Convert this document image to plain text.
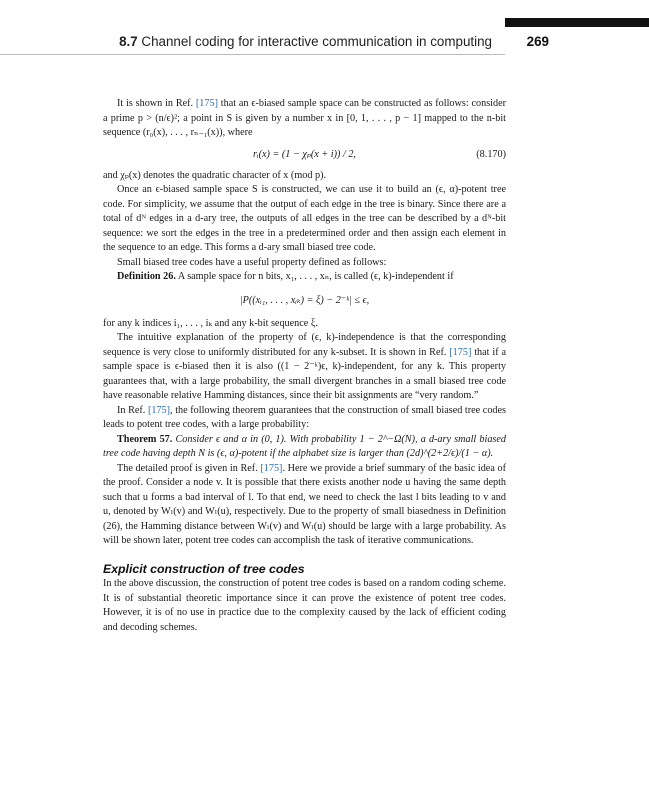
8.7 Channel coding for interactive communication in computing	269

It is shown in Ref. [175] that an ϵ-biased sample space can be constructed as follows: consider a prime p > (n/ϵ)²; a point in S is given by a number x in [0, 1, . . . , p − 1] mapped to the n-bit sequence (r₀(x), . . . , rₙ₋₁(x)), where

rᵢ(x) = (1 − χₚ(x + i)) / 2,	(8.170)

and χₚ(x) denotes the quadratic character of x (mod p).

Once an ϵ-biased sample space S is constructed, we can use it to build an (ϵ, α)-potent tree code. For simplicity, we assume that the output of each edge in the tree is binary. Since there are a total of dᴺ edges in a d-ary tree, the outputs of all edges in the tree can be described by a dᴺ-bit sequence: we sort the edges in the tree in a predetermined order and then assign each element in the sequence to an edge. This forms a d-ary small biased tree code.

Small biased tree codes have a useful property defined as follows:

Definition 26. A sample space for n bits, x₁, . . . , xₙ, is called (ϵ, k)-independent if

|P((xᵢ₁, . . . , xᵢₖ) = ξ) − 2⁻ᵏ| ≤ ϵ,

for any k indices i₁, . . . , iₖ and any k-bit sequence ξ.

The intuitive explanation of the property of (ϵ, k)-independence is that the corresponding sequence is very close to uniformly distributed for any k-subset. It is shown in Ref. [175] that if a sample space is ϵ-biased then it is also ((1 − 2⁻ᵏ)ϵ, k)-independent, for any k. This property guarantees that, with a large probability, the small divergent branches in a small biased tree code have reasonable relative Hamming distances, since their bit assignments are “very random.”

In Ref. [175], the following theorem guarantees that the construction of small biased tree codes leads to potent tree codes, with a large probability:

Theorem 57. Consider ϵ and α in (0, 1). With probability 1 − 2^−Ω(N), a d-ary small biased tree code having depth N is (ϵ, α)-potent if the alphabet size is larger than (2d)^(2+2/ϵ)/(1 − α).

The detailed proof is given in Ref. [175]. Here we provide a brief summary of the basic idea of the proof. Consider a node v. It is possible that there exists another node u having the same depth such that u forms a bad interval of l. To that end, we need to check the last l bits leading to v and u, denoted by Wₗ(v) and Wₗ(u), respectively. Due to the property of small biasedness in Definition (26), the Hamming distance between Wₗ(v) and Wₗ(u) should be large with a large probability. As will be shown later, potent tree codes can accomplish the task of iterative communications.

Explicit construction of tree codes

In the above discussion, the construction of potent tree codes is based on a random coding scheme. It is of substantial theoretic importance since it can prove the existence of potent tree codes. However, it is of no use in practice due to the complexity caused by the lack of efficient coding and decoding schemes.
